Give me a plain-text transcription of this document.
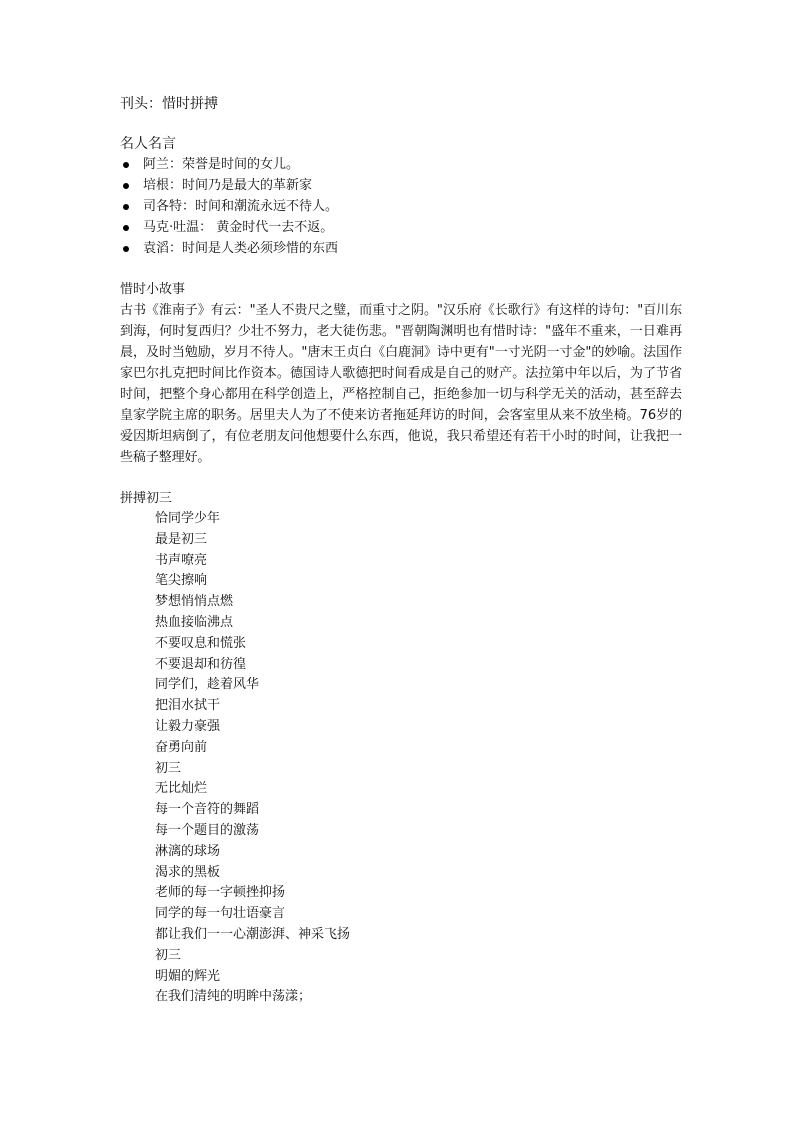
刊头：惜时拼搏

名人名言

阿兰：荣誉是时间的女儿。
培根：时间乃是最大的革新家
司各特：时间和潮流永远不待人。
马克·吐温： 黄金时代一去不返。
袁滔：时间是人类必须珍惜的东西

惜时小故事

古书《淮南子》有云："圣人不贵尺之璧，而重寸之阴。"汉乐府《长歌行》有这样的诗句："百川东到海，何时复西归？少壮不努力，老大徒伤悲。"晋朝陶渊明也有惜时诗："盛年不重来，一日难再晨，及时当勉励，岁月不待人。"唐末王贞白《白鹿洞》诗中更有"一寸光阴一寸金"的妙喻。法国作家巴尔扎克把时间比作资本。德国诗人歌德把时间看成是自己的财产。法拉第中年以后，为了节省时间，把整个身心都用在科学创造上，严格控制自己，拒绝参加一切与科学无关的活动，甚至辞去皇家学院主席的职务。居里夫人为了不使来访者拖延拜访的时间，会客室里从来不放坐椅。76岁的爱因斯坦病倒了，有位老朋友问他想要什么东西，他说，我只希望还有若干小时的时间，让我把一些稿子整理好。

拼搏初三

恰同学少年
最是初三
书声嘹亮
笔尖擦响
梦想悄悄点燃
热血接临沸点
不要叹息和慌张
不要退却和彷徨
同学们，趁着风华
把泪水拭干
让毅力豪强
奋勇向前
初三
无比灿烂
每一个音符的舞蹈
每一个题目的激荡
淋漓的球场
渴求的黑板
老师的每一字顿挫抑扬
同学的每一句壮语豪言
都让我们一一心潮澎湃、神采飞扬
初三
明媚的辉光
在我们清纯的明眸中荡漾；
